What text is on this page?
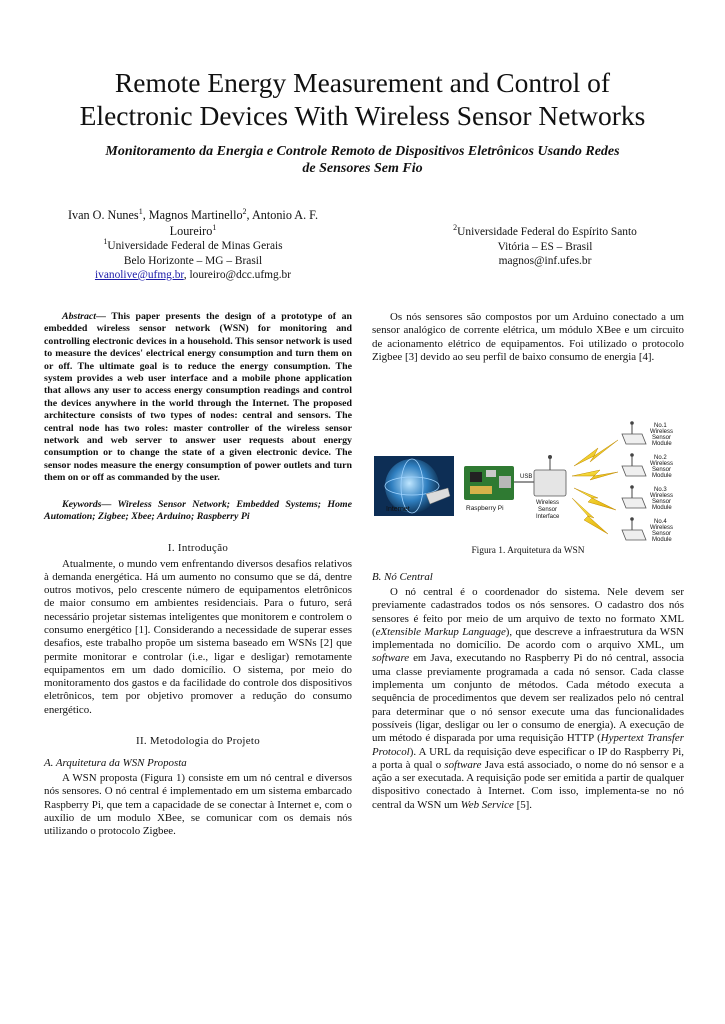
Remote Energy Measurement and Control of
Electronic Devices With Wireless Sensor Networks
Monitoramento da Energia e Controle Remoto de Dispositivos Eletrônicos Usando Redes
de Sensores Sem Fio
Ivan O. Nunes$^1$, Magnos Martinello$^2$, Antonio A. F.
Loureiro$^1$
$^1$Universidade Federal de Minas Gerais
Belo Horizonte – MG – Brasil
ivanolive@ufmg.br, loureiro@dcc.ufmg.br
$^2$Universidade Federal do Espírito Santo
Vitória – ES – Brasil
magnos@inf.ufes.br

Abstract— This paper presents the design of a prototype of an embedded wireless sensor network (WSN) for monitoring and controlling electronic devices in a household. This sensor network is used to measure the devices' electrical energy consumption and turn them on or off. The ultimate goal is to reduce the energy consumption. The system provides a web user interface and a mobile phone application that allows any user to access energy consumption readings and control the devices anywhere in the world through the Internet. The proposed architecture consists of two types of nodes: central and sensors. The central node has two roles: master controller of the wireless sensor network and web server to answer user requests about energy consumption or to change the state of a given electronic device. The sensor nodes measure the energy consumption of power outlets and turn them on or off as commanded by the user.

Keywords— Wireless Sensor Network; Embedded Systems; Home Automation; Zigbee; Xbee; Arduino; Raspberry Pi

I. Introdução

Atualmente, o mundo vem enfrentando diversos desafios relativos à demanda energética. Há um aumento no consumo que se dá, dentre outros motivos, pelo crescente número de equipamentos eletrônicos de maior consumo em ambientes residenciais. Para o futuro, será necessário projetar sistemas inteligentes que monitorem e controlem o consumo energético [1]. Considerando a necessidade de superar esses desafios, este trabalho propõe um sistema baseado em WSNs [2] que permite monitorar e controlar (i.e., ligar e desligar) remotamente equipamentos em um dado domicílio. O sistema, por meio do monitoramento dos gastos e da facilidade do controle dos dispositivos eletrônicos, tem por objetivo promover a redução do consumo energético.

II. Metodologia do Projeto
A. Arquitetura da WSN Proposta

A WSN proposta (Figura 1) consiste em um nó central e diversos nós sensores. O nó central é implementado em um sistema embarcado Raspberry Pi, que tem a capacidade de se conectar à Internet e, com o auxílio de um modulo XBee, se comunicar com os demais nós utilizando o protocolo Zigbee.

Os nós sensores são compostos por um Arduino conectado a um sensor analógico de corrente elétrica, um módulo XBee e um circuito de acionamento elétrico de equipamentos. Foi utilizado o protocolo Zigbee [3] devido ao seu perfil de baixo consumo de energia [4].

Internet	Raspberry Pi
USB
Wireless
Sensor
Interface
No.1
Wireless
Sensor
Module
No.2
Wireless
Sensor
Module
No.3
Wireless
Sensor
Module
No.4
Wireless
Sensor
Module
Figura 1. Arquitetura da WSN
B. Nó Central

O nó central é o coordenador do sistema. Nele devem ser previamente cadastrados todos os nós sensores. O cadastro dos nós sensores é feito por meio de um arquivo de texto no formato XML (eXtensible Markup Language), que descreve a infraestrutura da WSN implementada no domicílio. De acordo com o arquivo XML, um software em Java, executando no Raspberry Pi do nó central, associa uma classe previamente programada a cada nó sensor. Cada classe implementa um conjunto de métodos. Cada método executa a sequência de procedimentos que devem ser realizados pelo nó central para determinar que o nó sensor execute uma das funcionalidades possíveis (ligar, desligar ou ler o consumo de energia). A execução de um método é disparada por uma requisição HTTP (Hypertext Transfer Protocol). A URL da requisição deve especificar o IP do Raspberry Pi, a porta à qual o software Java está associado, o nome do nó sensor e a ação a ser executada. A requisição pode ser emitida a partir de qualquer dispositivo conectado à Internet. Com isso, implementa-se no nó central da WSN um Web Service [5].
